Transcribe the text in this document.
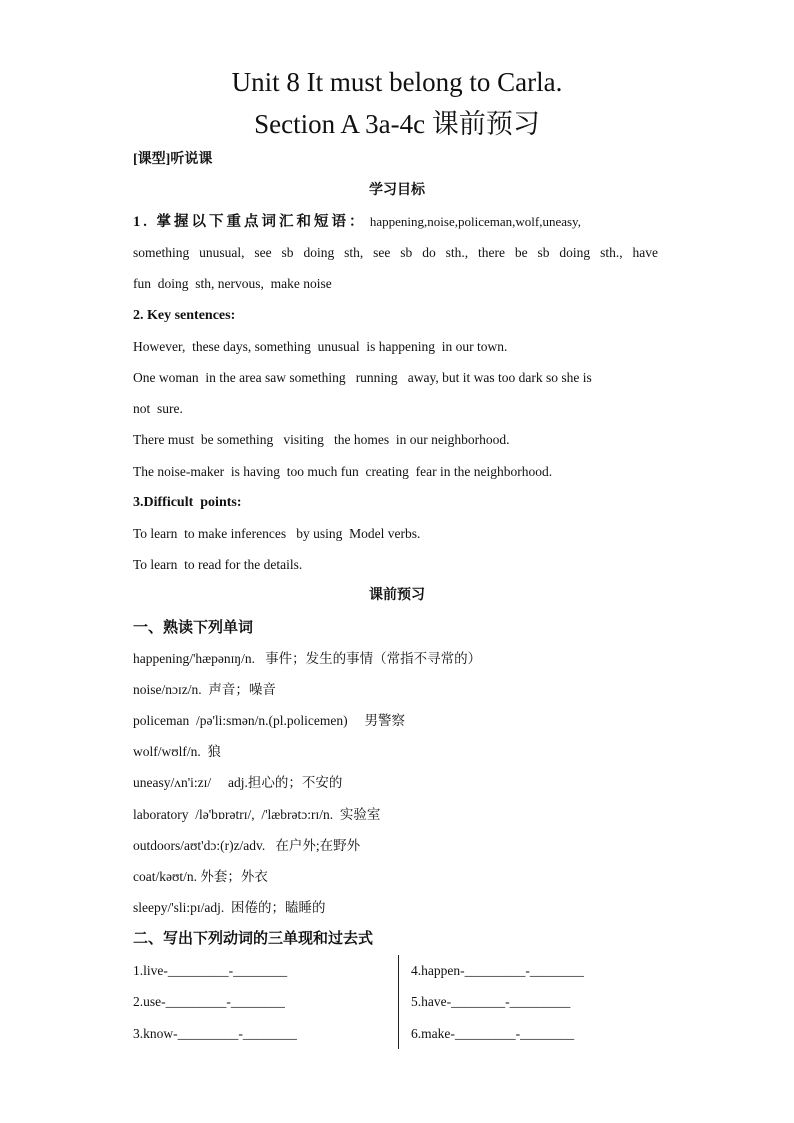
Unit 8 It must belong to Carla.
Section A 3a-4c 课前预习
[课型]听说课
学习目标
1. 掌握以下重点词汇和短语： happening,noise,policeman,wolf,uneasy,
something unusual, see sb doing sth, see sb do sth., there be sb doing sth., have
fun  doing  sth, nervous,  make noise
2. Key sentences:
However,  these days, something  unusual  is happening  in our town.
One woman  in the area saw something   running   away, but it was too dark so she is
not  sure.
There must  be something   visiting   the homes  in our neighborhood.
The noise-maker  is having  too much fun  creating  fear in the neighborhood.
3.Difficult  points:
To learn  to make inferences   by using  Model verbs.
To learn  to read for the details.
课前预习
一、熟读下列单词
happening/'hæpənɪŋ/n.   事件；发生的事情（常指不寻常的）
noise/nɔɪz/n.  声音；噪音
policeman  /pə'li:smən/n.(pl.policemen)     男警察
wolf/wʊlf/n.  狼
uneasy/ʌn'i:zɪ/     adj.担心的；不安的
laboratory  /lə'bɒrətrɪ/,  /'læbrətɔ:rɪ/n.  实验室
outdoors/aʊt'dɔ:(r)z/adv.   在户外;在野外
coat/kəʊt/n. 外套；外衣
sleepy/'sli:pɪ/adj.  困倦的；瞌睡的
二、写出下列动词的三单现和过去式
1.live-_________-________
2.use-_________-________
3.know-_________-________
4.happen-_________-________
5.have-________-_________
6.make-_________-________
